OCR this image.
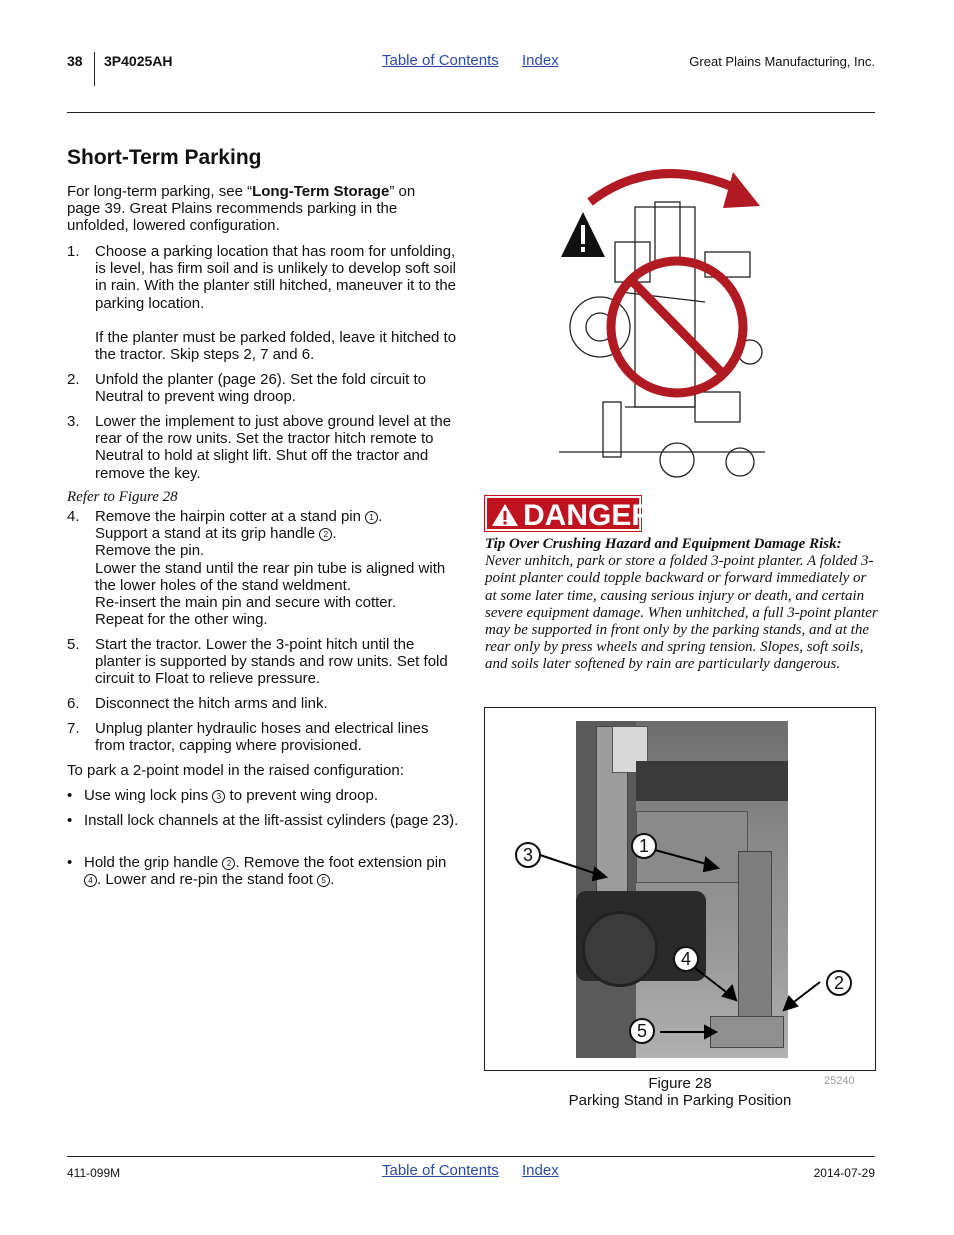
38 3P4025AH	Table of Contents Index	Great Plains Manufacturing, Inc.
Short-Term Parking
For long-term parking, see “Long-Term Storage” on page 39. Great Plains recommends parking in the unfolded, lowered configuration.
1. Choose a parking location that has room for unfolding, is level, has firm soil and is unlikely to develop soft soil in rain. With the planter still hitched, maneuver it to the parking location.
If the planter must be parked folded, leave it hitched to the tractor. Skip steps 2, 7 and 6.
2. Unfold the planter (page 26). Set the fold circuit to Neutral to prevent wing droop.
3. Lower the implement to just above ground level at the rear of the row units. Set the tractor hitch remote to Neutral to hold at slight lift. Shut off the tractor and remove the key.
Refer to Figure 28
4. Remove the hairpin cotter at a stand pin 1 .
Support a stand at its grip handle 2 .
Remove the pin.
Lower the stand until the rear pin tube is aligned with the lower holes of the stand weldment.
Re-insert the main pin and secure with cotter.
Repeat for the other wing.
5. Start the tractor. Lower the 3-point hitch until the planter is supported by stands and row units. Set fold circuit to Float to relieve pressure.
6. Disconnect the hitch arms and link.
7. Unplug planter hydraulic hoses and electrical lines from tractor, capping where provisioned.
To park a 2-point model in the raised configuration:
• Use wing lock pins 3 to prevent wing droop.
• Install lock channels at the lift-assist cylinders (page 23).
• Hold the grip handle 2 . Remove the foot extension pin 4 . Lower and re-pin the stand foot 5 .
DANGER
Tip Over Crushing Hazard and Equipment Damage Risk: Never unhitch, park or store a folded 3-point planter. A folded 3-point planter could topple backward or forward immediately or at some later time, causing serious injury or death, and certain severe equipment damage. When unhitched, a full 3-point planter may be supported in front only by the parking stands, and at the rear only by press wheels and spring tension. Slopes, soft soils, and soils later softened by rain are particularly dangerous.
3	1
4
2
5
25240
Figure 28
Parking Stand in Parking Position
411-099M	Table of Contents Index	2014-07-29
